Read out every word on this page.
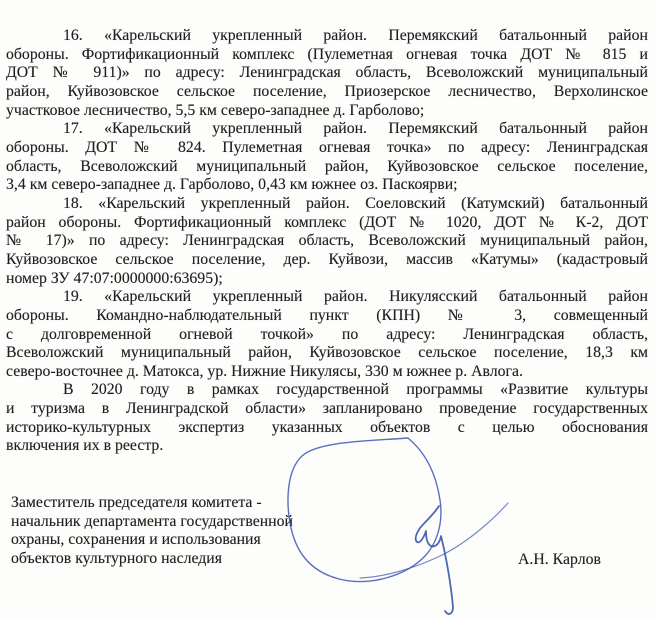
16. «Карельский укрепленный район. Перемякский батальонный район
обороны. Фортификационный комплекс (Пулеметная огневая точка ДОТ № 815 и
ДОТ № 911)» по адресу: Ленинградская область, Всеволожский муниципальный
район, Куйвозовское сельское поселение, Приозерское лесничество, Верхолинское
участковое лесничество, 5,5 км северо-западнее д. Гарболово;
17. «Карельский укрепленный район. Перемякский батальонный район
обороны. ДОТ № 824. Пулеметная огневая точка» по адресу: Ленинградская
область, Всеволожский муниципальный район, Куйвозовское сельское поселение,
3,4 км северо-западнее д. Гарболово, 0,43 км южнее оз. Паскоярви;
18. «Карельский укрепленный район. Соеловский (Катумский) батальонный
район обороны. Фортификационный комплекс (ДОТ № 1020, ДОТ № К-2, ДОТ
№ 17)» по адресу: Ленинградская область, Всеволожский муниципальный район,
Куйвозовское сельское поселение, дер. Куйвози, массив «Катумы» (кадастровый
номер ЗУ 47:07:0000000:63695);
19. «Карельский укрепленный район. Никулясский батальонный район
обороны. Командно-наблюдательный пункт (КПН) № 3, совмещенный
с долговременной огневой точкой» по адресу: Ленинградская область,
Всеволожский муниципальный район, Куйвозовское сельское поселение, 18,3 км
северо-восточнее д. Матокса, ур. Нижние Никулясы, 330 м южнее р. Авлога.
В 2020 году в рамках государственной программы «Развитие культуры
и туризма в Ленинградской области» запланировано проведение государственных
историко-культурных экспертиз указанных объектов с целью обоснования
включения их в реестр.
Заместитель председателя комитета -
начальник департамента государственной
охраны, сохранения и использования
объектов культурного наследия	А.Н. Карлов
